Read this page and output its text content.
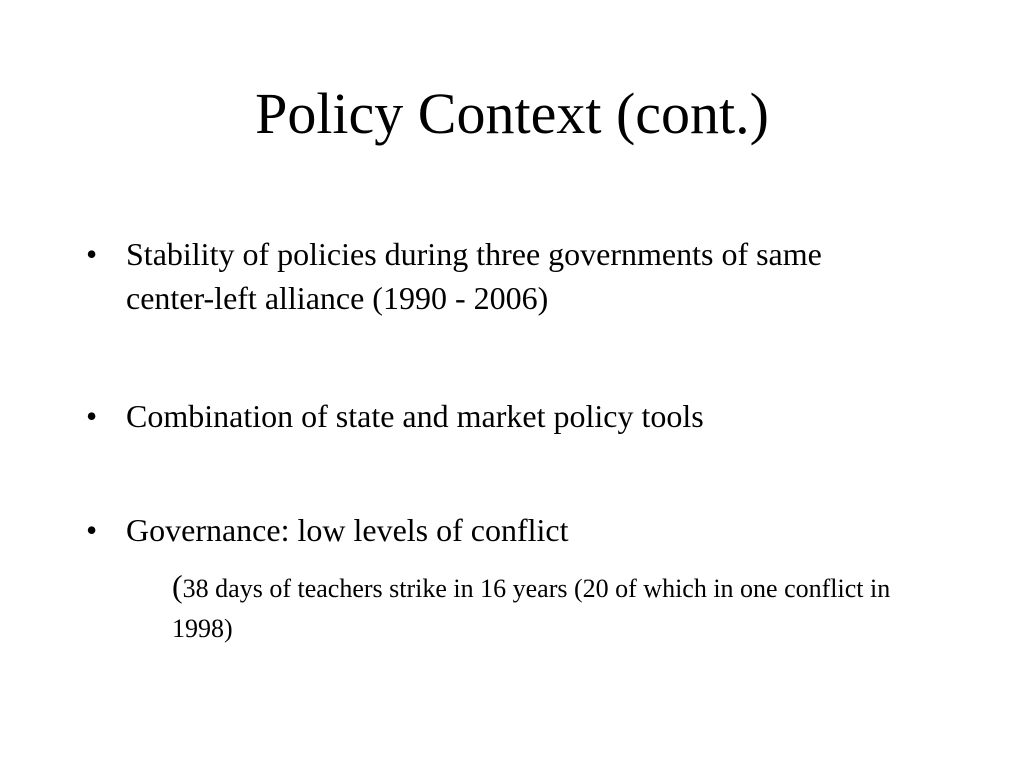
Policy Context (cont.)
• Stability of policies during three governments of same center-left alliance (1990 - 2006)

• Combination of state and market policy tools

• Governance: low levels of conflict

(38 days of teachers strike in 16 years (20 of which in one conflict in 1998)
